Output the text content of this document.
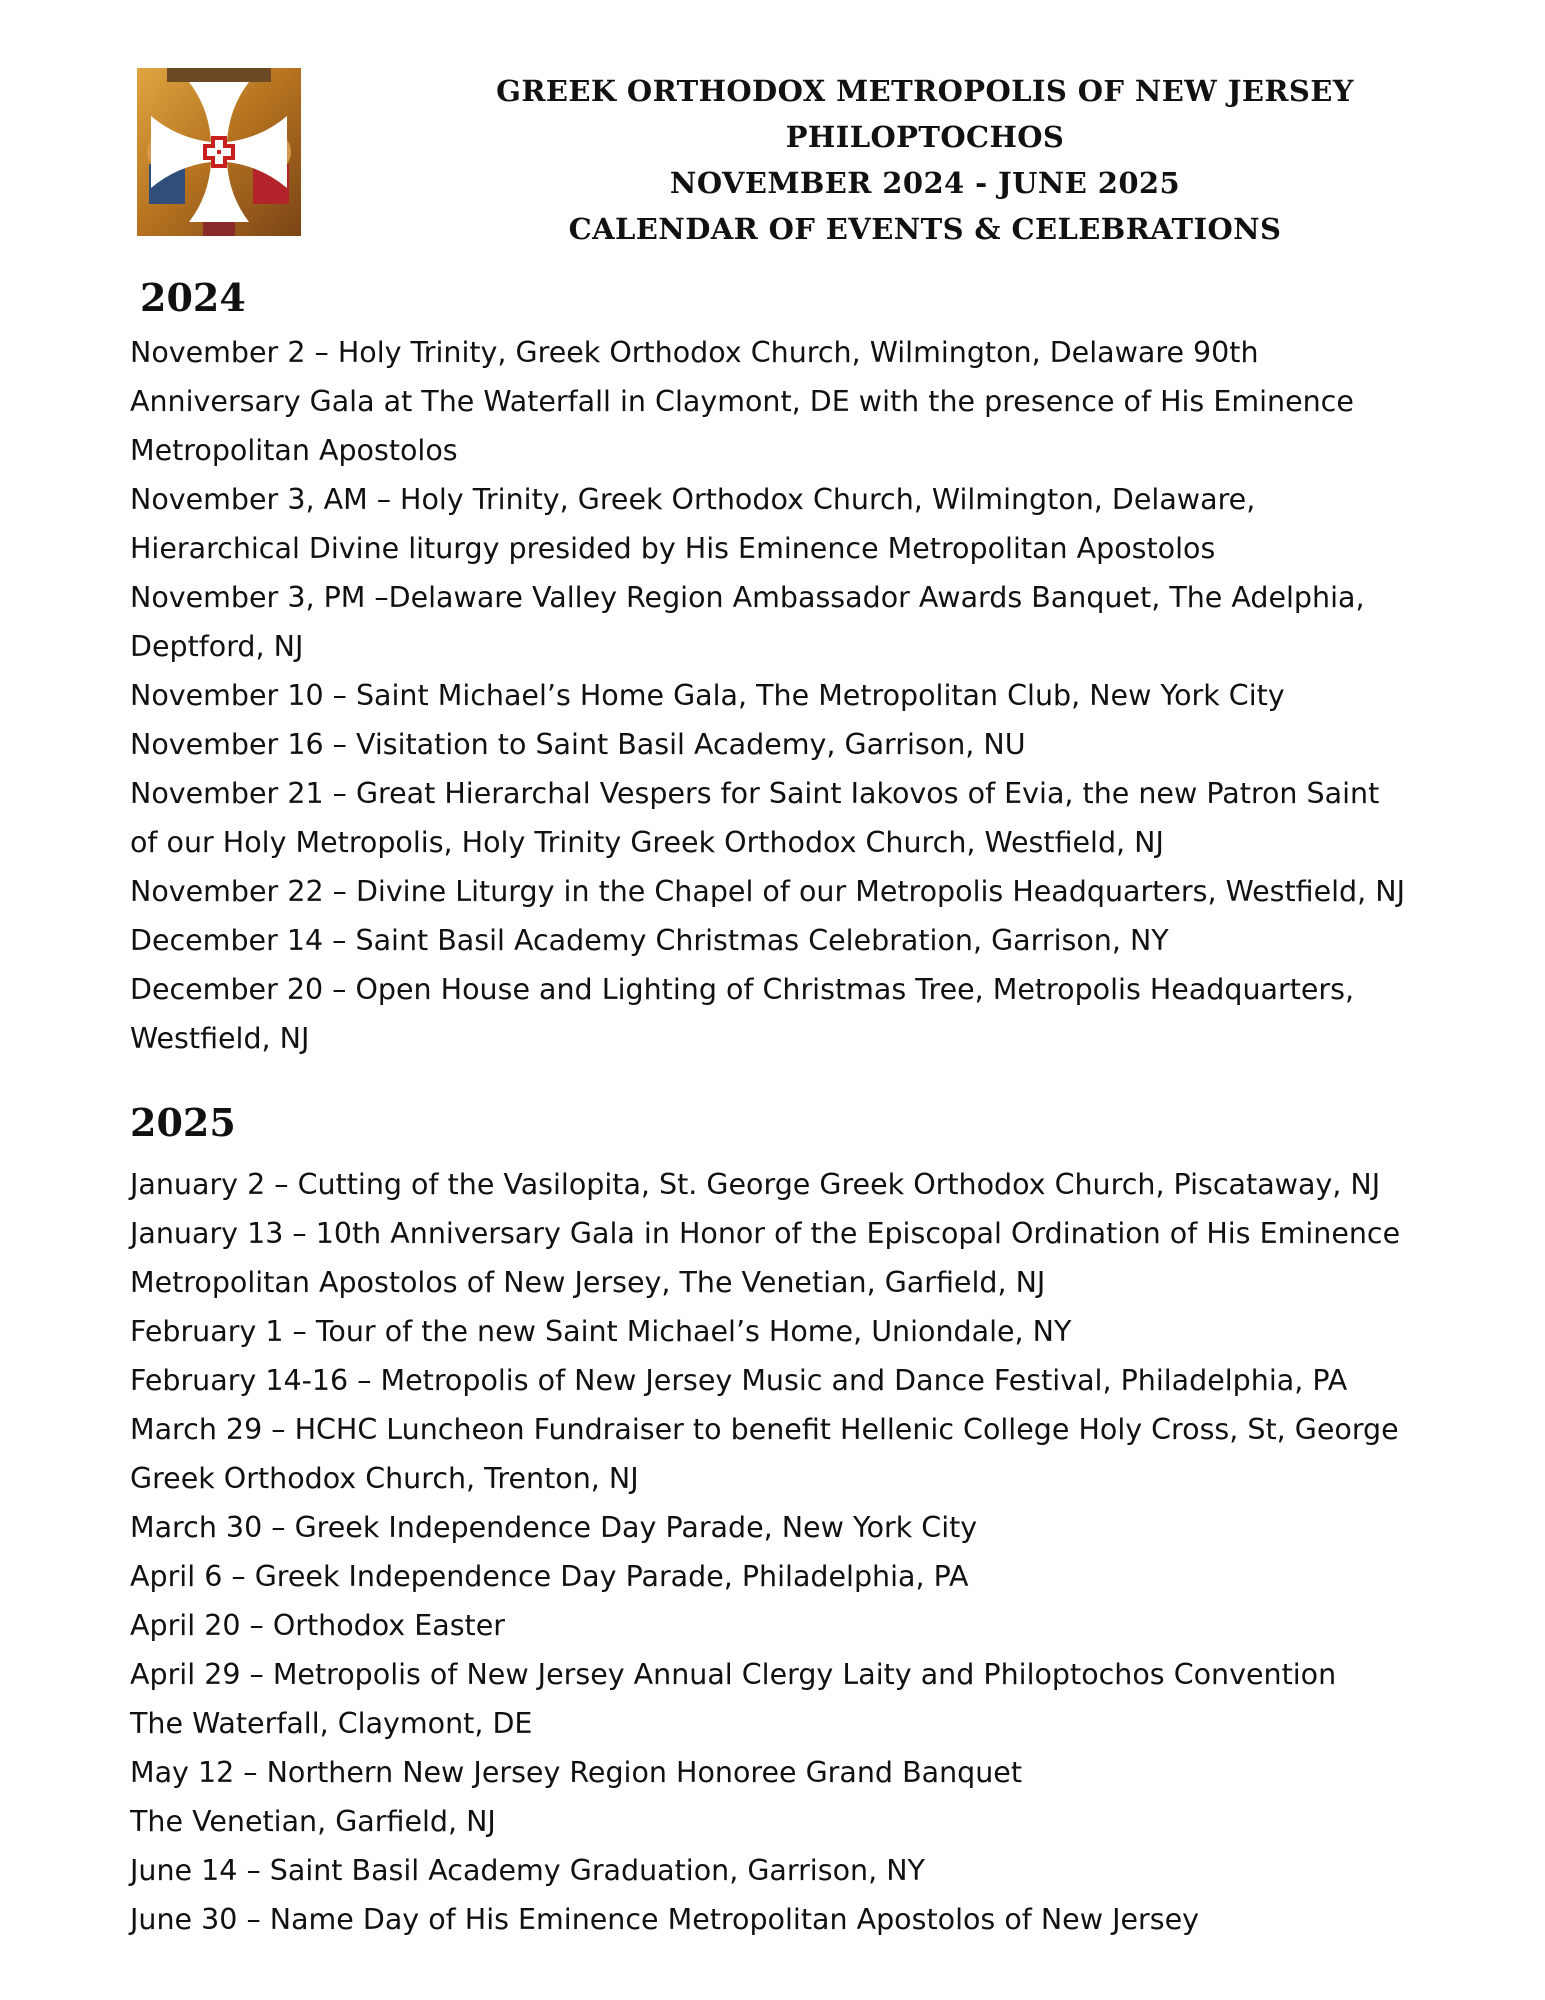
GREEK ORTHODOX METROPOLIS OF NEW JERSEY
PHILOPTOCHOS
NOVEMBER 2024 - JUNE 2025
CALENDAR OF EVENTS & CELEBRATIONS
2024
November 2 – Holy Trinity, Greek Orthodox Church, Wilmington, Delaware 90th
Anniversary Gala at The Waterfall in Claymont, DE with the presence of His Eminence
Metropolitan Apostolos
November 3, AM – Holy Trinity, Greek Orthodox Church, Wilmington, Delaware,
Hierarchical Divine liturgy presided by His Eminence Metropolitan Apostolos
November 3, PM –Delaware Valley Region Ambassador Awards Banquet, The Adelphia,
Deptford, NJ
November 10 – Saint Michael’s Home Gala, The Metropolitan Club, New York City
November 16 – Visitation to Saint Basil Academy, Garrison, NU
November 21 – Great Hierarchal Vespers for Saint Iakovos of Evia, the new Patron Saint
of our Holy Metropolis, Holy Trinity Greek Orthodox Church, Westfield, NJ
November 22 – Divine Liturgy in the Chapel of our Metropolis Headquarters, Westfield, NJ
December 14 – Saint Basil Academy Christmas Celebration, Garrison, NY
December 20 – Open House and Lighting of Christmas Tree, Metropolis Headquarters,
Westfield, NJ
2025
January 2 – Cutting of the Vasilopita, St. George Greek Orthodox Church, Piscataway, NJ
January 13 – 10th Anniversary Gala in Honor of the Episcopal Ordination of His Eminence
Metropolitan Apostolos of New Jersey, The Venetian, Garfield, NJ
February 1 – Tour of the new Saint Michael’s Home, Uniondale, NY
February 14-16 – Metropolis of New Jersey Music and Dance Festival, Philadelphia, PA
March 29 – HCHC Luncheon Fundraiser to benefit Hellenic College Holy Cross, St, George
Greek Orthodox Church, Trenton, NJ
March 30 – Greek Independence Day Parade, New York City
April 6 – Greek Independence Day Parade, Philadelphia, PA
April 20 – Orthodox Easter
April 29 – Metropolis of New Jersey Annual Clergy Laity and Philoptochos Convention
The Waterfall, Claymont, DE
May 12 – Northern New Jersey Region Honoree Grand Banquet
The Venetian, Garfield, NJ
June 14 – Saint Basil Academy Graduation, Garrison, NY
June 30 – Name Day of His Eminence Metropolitan Apostolos of New Jersey
